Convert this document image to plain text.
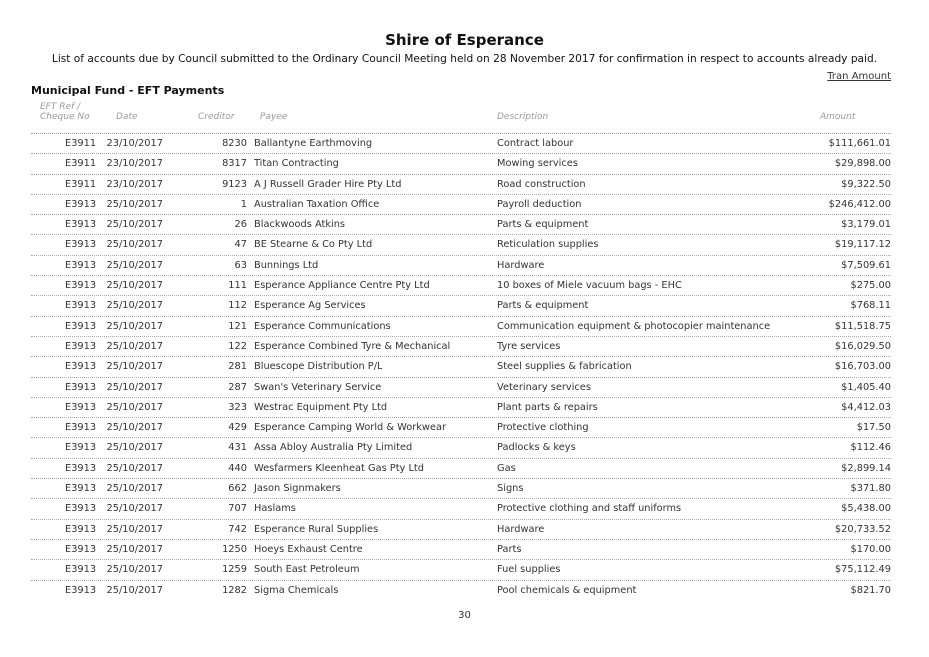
Shire of Esperance
List of accounts due by Council submitted to the Ordinary Council Meeting held on 28 November 2017 for confirmation in respect to accounts already paid.
Tran Amount
Municipal Fund - EFT Payments
EFT Ref /
Cheque No	Date	Creditor	Payee	Description	Amount
E3911	23/10/2017	8230 Ballantyne Earthmoving	Contract labour	$111,661.01
E3911	23/10/2017	8317 Titan Contracting	Mowing services	$29,898.00
E3911	23/10/2017	9123 A J Russell Grader Hire Pty Ltd	Road construction	$9,322.50
E3913	25/10/2017	1 Australian Taxation Office	Payroll deduction	$246,412.00
E3913	25/10/2017	26 Blackwoods Atkins	Parts & equipment	$3,179.01
E3913	25/10/2017	47 BE Stearne & Co Pty Ltd	Reticulation supplies	$19,117.12
E3913	25/10/2017	63 Bunnings Ltd	Hardware	$7,509.61
E3913	25/10/2017	111 Esperance Appliance Centre Pty Ltd	10 boxes of Miele vacuum bags - EHC	$275.00
E3913	25/10/2017	112 Esperance Ag Services	Parts & equipment	$768.11
E3913	25/10/2017	121 Esperance Communications	Communication equipment & photocopier maintenance	$11,518.75
E3913	25/10/2017	122 Esperance Combined Tyre & Mechanical	Tyre services	$16,029.50
E3913	25/10/2017	281 Bluescope Distribution P/L	Steel supplies & fabrication	$16,703.00
E3913	25/10/2017	287 Swan's Veterinary Service	Veterinary services	$1,405.40
E3913	25/10/2017	323 Westrac Equipment Pty Ltd	Plant parts & repairs	$4,412.03
E3913	25/10/2017	429 Esperance Camping World & Workwear	Protective clothing	$17.50
E3913	25/10/2017	431 Assa Abloy Australia Pty Limited	Padlocks & keys	$112.46
E3913	25/10/2017	440 Wesfarmers Kleenheat Gas Pty Ltd	Gas	$2,899.14
E3913	25/10/2017	662 Jason Signmakers	Signs	$371.80
E3913	25/10/2017	707 Haslams	Protective clothing and staff uniforms	$5,438.00
E3913	25/10/2017	742 Esperance Rural Supplies	Hardware	$20,733.52
E3913	25/10/2017	1250 Hoeys Exhaust Centre	Parts	$170.00
E3913	25/10/2017	1259 South East Petroleum	Fuel supplies	$75,112.49
E3913	25/10/2017	1282 Sigma Chemicals	Pool chemicals & equipment	$821.70
30
